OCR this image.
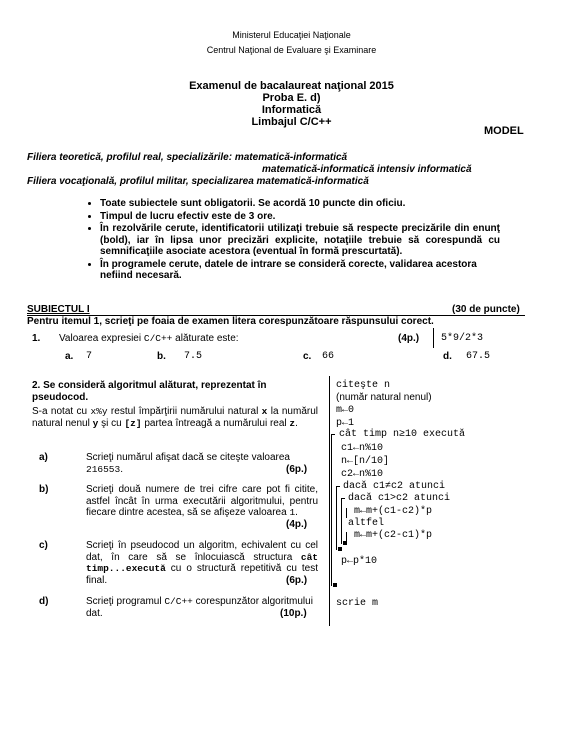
Ministerul Educaţiei Naţionale
Centrul Naţional de Evaluare şi Examinare
Examenul de bacalaureat naţional 2015
Proba E. d)
Informatică
Limbajul C/C++
MODEL
Filiera teoretică, profilul real, specializările: matematică-informatică
matematică-informatică intensiv informatică
Filiera vocaţională, profilul militar, specializarea matematică-informatică
• Toate subiectele sunt obligatorii. Se acordă 10 puncte din oficiu.
• Timpul de lucru efectiv este de 3 ore.
• În rezolvările cerute, identificatorii utilizaţi trebuie să respecte precizările din enunţ (bold), iar în lipsa unor precizări explicite, notaţiile trebuie să corespundă cu semnificaţiile asociate acestora (eventual în formă prescurtată).
• În programele cerute, datele de intrare se consideră corecte, validarea acestora nefiind necesară.
SUBIECTUL I	(30 de puncte)
Pentru itemul 1, scrieţi pe foaia de examen litera corespunzătoare răspunsului corect.
1. Valoarea expresiei C/C++ alăturate este:	(4p.) 5*9/2*3
a. 7	b. 7.5	c. 66	d. 67.5
2. Se consideră algoritmul alăturat, reprezentat în pseudocod.
S-a notat cu x%y restul împărţirii numărului natural x la numărul natural nenul y şi cu [z] partea întreagă a numărului real z.
a)	Scrieţi numărul afişat dacă se citeşte valoarea 216553.	(6p.)
b)	Scrieţi două numere de trei cifre care pot fi citite, astfel încât în urma executării algoritmului, pentru fiecare dintre acestea, să se afişeze valoarea 1.
(4p.)
c)	Scrieţi în pseudocod un algoritm, echivalent cu cel dat, în care să se înlocuiască structura cât timp...execută cu o structură repetitivă cu test final.	(6p.)
d)	Scrieţi programul C/C++ corespunzător algoritmului dat.	(10p.)
citeşte n
(număr natural nenul)
m←0
p←1
cât timp n≥10 execută
c1←n%10
n←[n/10]
c2←n%10
dacă c1≠c2 atunci
dacă c1>c2 atunci
m←m+(c1-c2)*p
altfel
m←m+(c2-c1)*p
p←p*10
scrie m
